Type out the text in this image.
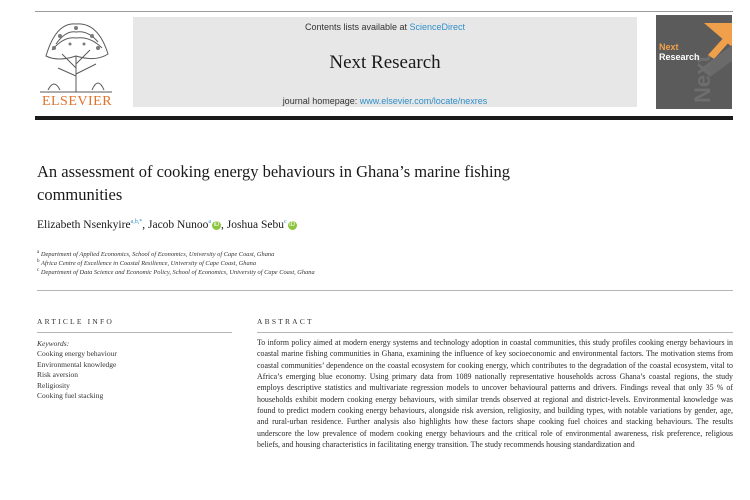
ELSEVIER
Contents lists available at ScienceDirect
Next Research
journal homepage: www.elsevier.com/locate/nexres	Next
Next
Research
An assessment of cooking energy behaviours in Ghana’s marine fishing communities
Elizabeth Nsenkyire$^{a,b,*}$, Jacob Nunoo$^a$ iD , Joshua Sebu$^c$ iD
$^a$ Department of Applied Economics, School of Economics, University of Cape Coast, Ghana
$^b$ Africa Centre of Excellence in Coastal Resilience, University of Cape Coast, Ghana
$^c$ Department of Data Science and Economic Policy, School of Economics, University of Cape Coast, Ghana
ARTICLE INFO
Keywords:
Cooking energy behaviour
Environmental knowledge
Risk aversion
Religiosity
Cooking fuel stacking
ABSTRACT
To inform policy aimed at modern energy systems and technology adoption in coastal communities, this study profiles cooking energy behaviours in coastal marine fishing communities in Ghana, examining the influence of key socioeconomic and environmental factors. The motivation stems from coastal communities’ dependence on the coastal ecosystem for cooking energy, which contributes to the degradation of the coastal ecosystem, vital to Africa’s emerging blue economy. Using primary data from 1089 nationally representative households across Ghana’s coastal regions, the study employs descriptive statistics and multivariate regression models to uncover behavioural patterns and drivers. Findings reveal that only 35 % of households exhibit modern cooking energy behaviours, with similar trends observed at regional and district-levels. Environmental knowledge was found to predict modern cooking energy behaviours, alongside risk aversion, religiosity, and building types, with notable variations by gender, age, and rural-urban residence. Further analysis also highlights how these factors shape cooking fuel choices and stacking behaviours. The results underscore the low prevalence of modern cooking energy behaviours and the critical role of environmental awareness, risk preference, religious beliefs, and housing characteristics in facilitating energy transition. The study recommends housing standardization and
